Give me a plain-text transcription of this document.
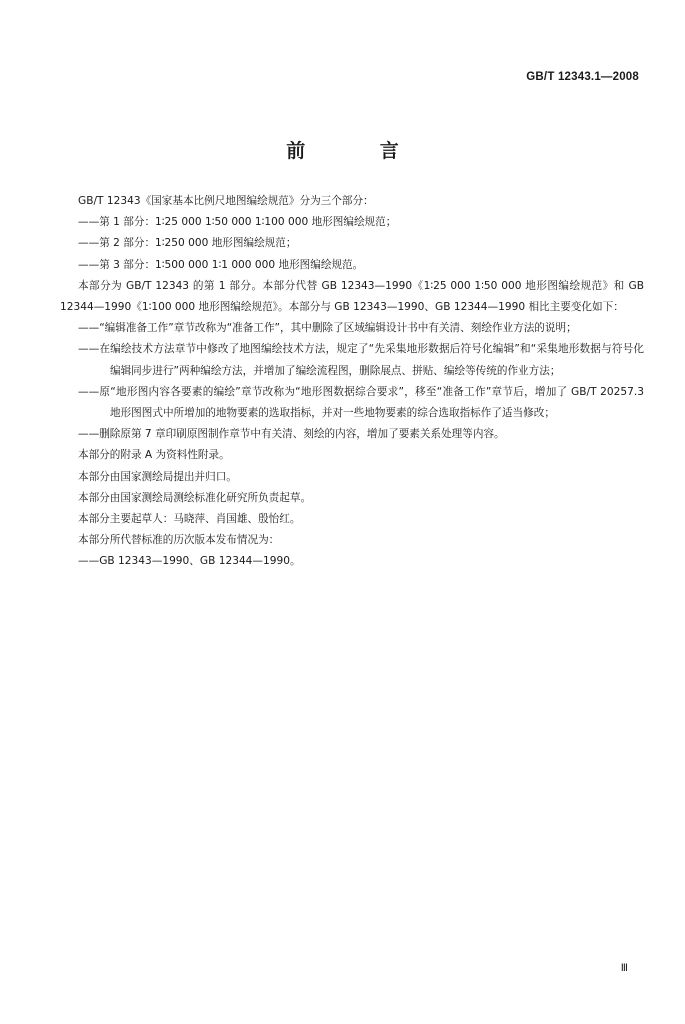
GB/T 12343.1—2008
前 言

GB/T 12343《国家基本比例尺地图编绘规范》分为三个部分：

——第 1 部分：1∶25 000 1∶50 000 1∶100 000 地形图编绘规范；

——第 2 部分：1∶250 000 地形图编绘规范；

——第 3 部分：1∶500 000 1∶1 000 000 地形图编绘规范。

本部分为 GB/T 12343 的第 1 部分。本部分代替 GB 12343—1990《1∶25 000 1∶50 000 地形图编绘规范》和 GB 12344—1990《1∶100 000 地形图编绘规范》。本部分与 GB 12343—1990、GB 12344—1990 相比主要变化如下：

——“编辑准备工作”章节改称为“准备工作”，其中删除了区域编辑设计书中有关清、刻绘作业方法的说明；

——在编绘技术方法章节中修改了地图编绘技术方法，规定了“先采集地形数据后符号化编辑”和“采集地形数据与符号化编辑同步进行”两种编绘方法，并增加了编绘流程图，删除展点、拼贴、编绘等传统的作业方法；

——原“地形图内容各要素的编绘”章节改称为“地形图数据综合要求”，移至“准备工作”章节后，增加了 GB/T 20257.3 地形图图式中所增加的地物要素的选取指标，并对一些地物要素的综合选取指标作了适当修改；

——删除原第 7 章印刷原图制作章节中有关清、刻绘的内容，增加了要素关系处理等内容。

本部分的附录 A 为资料性附录。

本部分由国家测绘局提出并归口。

本部分由国家测绘局测绘标准化研究所负责起草。

本部分主要起草人：马晓萍、肖国雄、殷怡红。

本部分所代替标准的历次版本发布情况为：

——GB 12343—1990、GB 12344—1990。

Ⅲ
